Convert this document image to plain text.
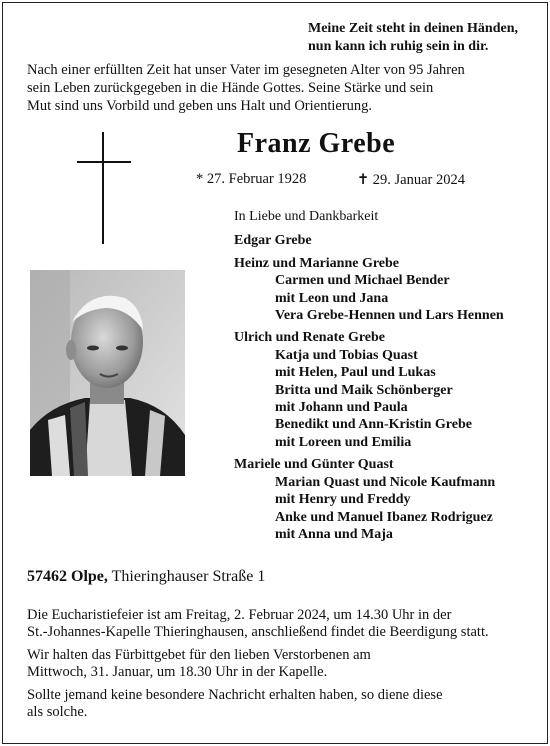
Meine Zeit steht in deinen Händen,
nun kann ich ruhig sein in dir.
Nach einer erfüllten Zeit hat unser Vater im gesegneten Alter von 95 Jahren
sein Leben zurückgegeben in die Hände Gottes. Seine Stärke und sein
Mut sind uns Vorbild und geben uns Halt und Orientierung.
Franz Grebe
* 27. Februar 1928	✝ 29. Januar 2024
In Liebe und Dankbarkeit
Edgar Grebe
Heinz und Marianne Grebe
Carmen und Michael Bender
mit Leon und Jana
Vera Grebe-Hennen und Lars Hennen
Ulrich und Renate Grebe
Katja und Tobias Quast
mit Helen, Paul und Lukas
Britta und Maik Schönberger
mit Johann und Paula
Benedikt und Ann-Kristin Grebe
mit Loreen und Emilia
Mariele und Günter Quast
Marian Quast und Nicole Kaufmann
mit Henry und Freddy
Anke und Manuel Ibanez Rodriguez
mit Anna und Maja
57462 Olpe, Thieringhauser Straße 1

Die Eucharistiefeier ist am Freitag, 2. Februar 2024, um 14.30 Uhr in der
St.-Johannes-Kapelle Thieringhausen, anschließend findet die Beerdigung statt.

Wir halten das Fürbittgebet für den lieben Verstorbenen am
Mittwoch, 31. Januar, um 18.30 Uhr in der Kapelle.

Sollte jemand keine besondere Nachricht erhalten haben, so diene diese
als solche.
